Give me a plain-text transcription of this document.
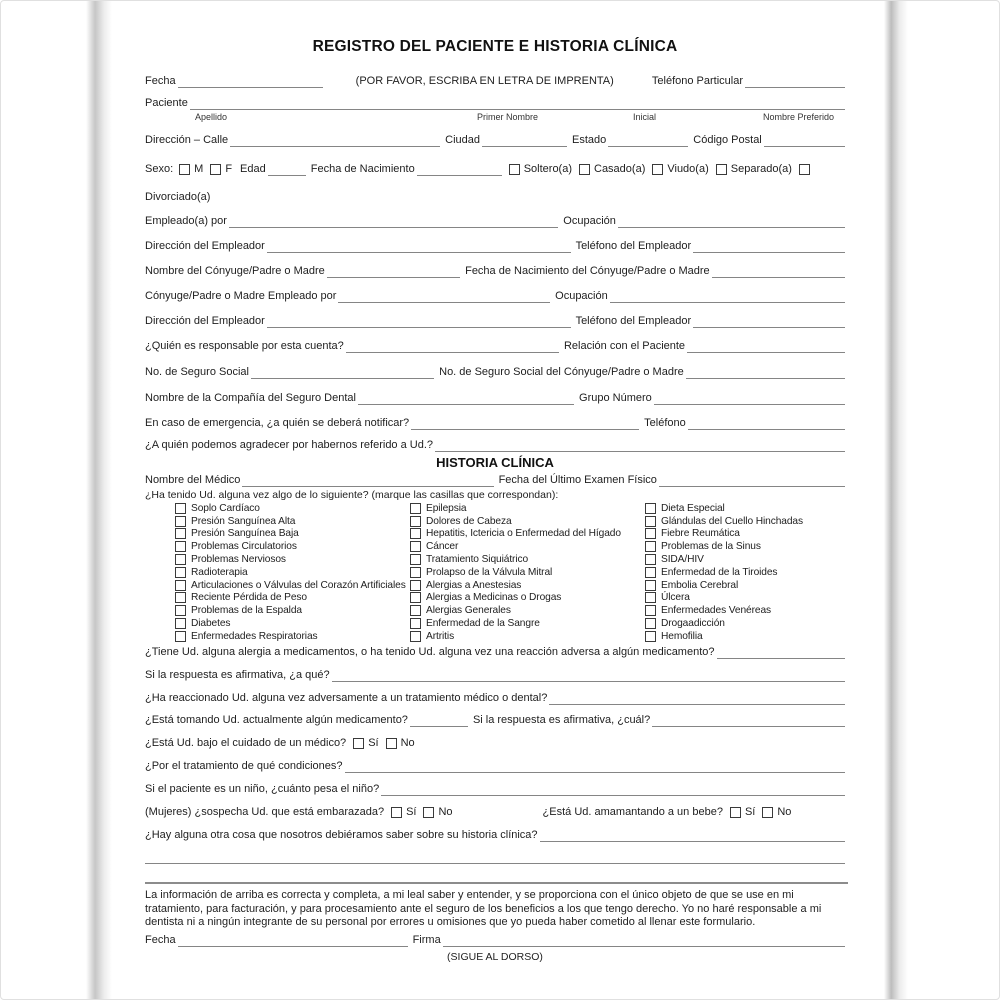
REGISTRO DEL PACIENTE E HISTORIA CLÍNICA
Fecha	(POR FAVOR, ESCRIBA EN LETRA DE IMPRENTA)	Teléfono Particular
Paciente
Apellido	Primer Nombre	Inicial	Nombre Preferido
Dirección – Calle	Ciudad	Estado	Código Postal
Sexo: M F Edad	Fecha de Nacimiento	Soltero(a) Casado(a) Viudo(a) Separado(a)
Divorciado(a)
Empleado(a) por	Ocupación
Dirección del Empleador	Teléfono del Empleador
Nombre del Cónyuge/Padre o Madre	Fecha de Nacimiento del Cónyuge/Padre o Madre
Cónyuge/Padre o Madre Empleado por	Ocupación
Dirección del Empleador	Teléfono del Empleador
¿Quién es responsable por esta cuenta?	Relación con el Paciente
No. de Seguro Social	No. de Seguro Social del Cónyuge/Padre o Madre
Nombre de la Compañía del Seguro Dental	Grupo Número
En caso de emergencia, ¿a quién se deberá notificar?	Teléfono
¿A quién podemos agradecer por habernos referido a Ud.?
HISTORIA CLÍNICA
Nombre del Médico	Fecha del Último Examen Físico
¿Ha tenido Ud. alguna vez algo de lo siguiente? (marque las casillas que correspondan):
Soplo Cardíaco
Presión Sanguínea Alta
Presión Sanguínea Baja
Problemas Circulatorios
Problemas Nerviosos
Radioterapia
Articulaciones o Válvulas del Corazón Artificiales
Reciente Pérdida de Peso
Problemas de la Espalda
Diabetes
Enfermedades Respiratorias
Epilepsia
Dolores de Cabeza
Hepatitis, Ictericia o Enfermedad del Hígado
Cáncer
Tratamiento Siquiátrico
Prolapso de la Válvula Mitral
Alergias a Anestesias
Alergias a Medicinas o Drogas
Alergias Generales
Enfermedad de la Sangre
Artritis
Dieta Especial
Glándulas del Cuello Hinchadas
Fiebre Reumática
Problemas de la Sinus
SIDA/HIV
Enfermedad de la Tiroides
Embolia Cerebral
Úlcera
Enfermedades Venéreas
Drogaadicción
Hemofilia
¿Tiene Ud. alguna alergia a medicamentos, o ha tenido Ud. alguna vez una reacción adversa a algún medicamento?
Si la respuesta es afirmativa, ¿a qué?
¿Ha reaccionado Ud. alguna vez adversamente a un tratamiento médico o dental?
¿Está tomando Ud. actualmente algún medicamento?	Si la respuesta es afirmativa, ¿cuál?
¿Está Ud. bajo el cuidado de un médico? Sí No
¿Por el tratamiento de qué condiciones?
Si el paciente es un niño, ¿cuánto pesa el niño?
(Mujeres) ¿sospecha Ud. que está embarazada? Sí No	¿Está Ud. amamantando a un bebe? Sí No
¿Hay alguna otra cosa que nosotros debiéramos saber sobre su historia clínica?
La información de arriba es correcta y completa, a mi leal saber y entender, y se proporciona con el único objeto de que se use en mi tratamiento, para facturación, y para procesamiento ante el seguro de los beneficios a los que tengo derecho. Yo no haré responsable a mi dentista ni a ningún integrante de su personal por errores u omisiones que yo pueda haber cometido al llenar este formulario.
Fecha	Firma
(SIGUE AL DORSO)
